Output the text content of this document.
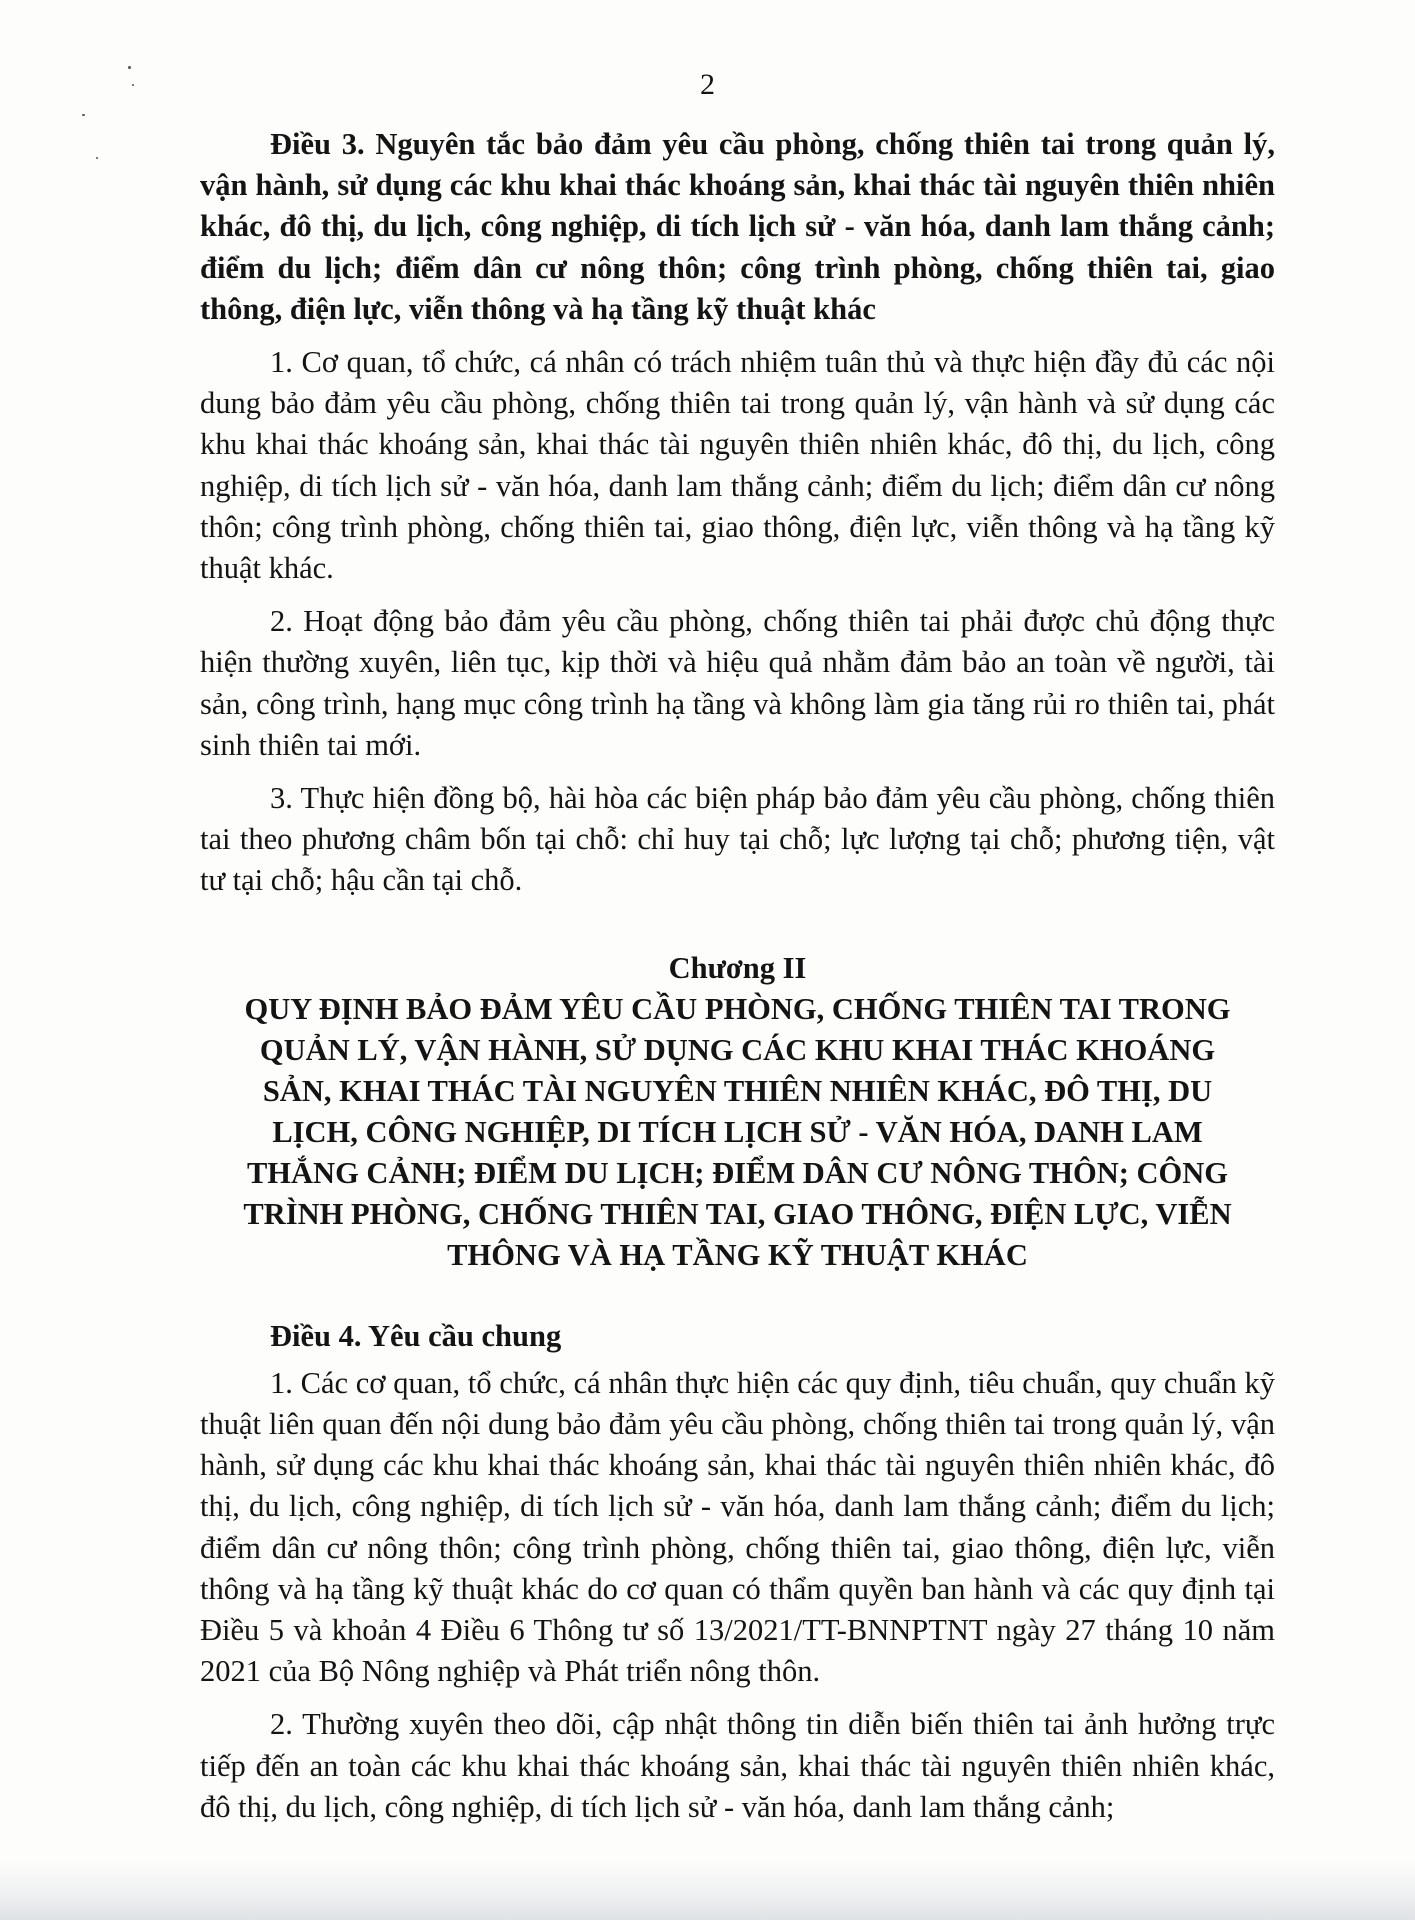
2

Điều 3. Nguyên tắc bảo đảm yêu cầu phòng, chống thiên tai trong quản lý, vận hành, sử dụng các khu khai thác khoáng sản, khai thác tài nguyên thiên nhiên khác, đô thị, du lịch, công nghiệp, di tích lịch sử - văn hóa, danh lam thắng cảnh; điểm du lịch; điểm dân cư nông thôn; công trình phòng, chống thiên tai, giao thông, điện lực, viễn thông và hạ tầng kỹ thuật khác

1. Cơ quan, tổ chức, cá nhân có trách nhiệm tuân thủ và thực hiện đầy đủ các nội dung bảo đảm yêu cầu phòng, chống thiên tai trong quản lý, vận hành và sử dụng các khu khai thác khoáng sản, khai thác tài nguyên thiên nhiên khác, đô thị, du lịch, công nghiệp, di tích lịch sử - văn hóa, danh lam thắng cảnh; điểm du lịch; điểm dân cư nông thôn; công trình phòng, chống thiên tai, giao thông, điện lực, viễn thông và hạ tầng kỹ thuật khác.

2. Hoạt động bảo đảm yêu cầu phòng, chống thiên tai phải được chủ động thực hiện thường xuyên, liên tục, kịp thời và hiệu quả nhằm đảm bảo an toàn về người, tài sản, công trình, hạng mục công trình hạ tầng và không làm gia tăng rủi ro thiên tai, phát sinh thiên tai mới.

3. Thực hiện đồng bộ, hài hòa các biện pháp bảo đảm yêu cầu phòng, chống thiên tai theo phương châm bốn tại chỗ: chỉ huy tại chỗ; lực lượng tại chỗ; phương tiện, vật tư tại chỗ; hậu cần tại chỗ.

Chương II

QUY ĐỊNH BẢO ĐẢM YÊU CẦU PHÒNG, CHỐNG THIÊN TAI TRONG QUẢN LÝ, VẬN HÀNH, SỬ DỤNG CÁC KHU KHAI THÁC KHOÁNG SẢN, KHAI THÁC TÀI NGUYÊN THIÊN NHIÊN KHÁC, ĐÔ THỊ, DU LỊCH, CÔNG NGHIỆP, DI TÍCH LỊCH SỬ - VĂN HÓA, DANH LAM THẮNG CẢNH; ĐIỂM DU LỊCH; ĐIỂM DÂN CƯ NÔNG THÔN; CÔNG TRÌNH PHÒNG, CHỐNG THIÊN TAI, GIAO THÔNG, ĐIỆN LỰC, VIỄN THÔNG VÀ HẠ TẦNG KỸ THUẬT KHÁC

Điều 4. Yêu cầu chung

1. Các cơ quan, tổ chức, cá nhân thực hiện các quy định, tiêu chuẩn, quy chuẩn kỹ thuật liên quan đến nội dung bảo đảm yêu cầu phòng, chống thiên tai trong quản lý, vận hành, sử dụng các khu khai thác khoáng sản, khai thác tài nguyên thiên nhiên khác, đô thị, du lịch, công nghiệp, di tích lịch sử - văn hóa, danh lam thắng cảnh; điểm du lịch; điểm dân cư nông thôn; công trình phòng, chống thiên tai, giao thông, điện lực, viễn thông và hạ tầng kỹ thuật khác do cơ quan có thẩm quyền ban hành và các quy định tại Điều 5 và khoản 4 Điều 6 Thông tư số 13/2021/TT-BNNPTNT ngày 27 tháng 10 năm 2021 của Bộ Nông nghiệp và Phát triển nông thôn.

2. Thường xuyên theo dõi, cập nhật thông tin diễn biến thiên tai ảnh hưởng trực tiếp đến an toàn các khu khai thác khoáng sản, khai thác tài nguyên thiên nhiên khác, đô thị, du lịch, công nghiệp, di tích lịch sử - văn hóa, danh lam thắng cảnh;
